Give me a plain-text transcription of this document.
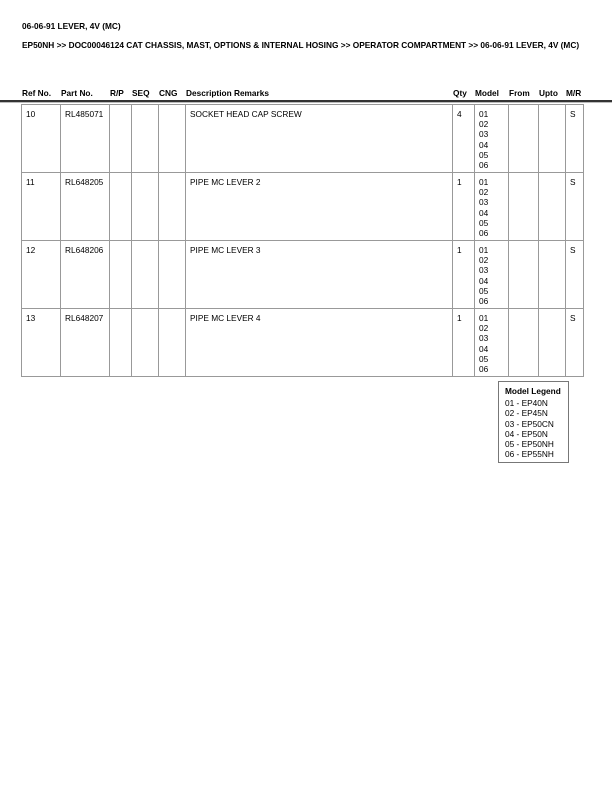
06-06-91 LEVER, 4V (MC)
EP50NH >> DOC00046124 CAT CHASSIS, MAST, OPTIONS & INTERNAL HOSING >> OPERATOR COMPARTMENT >> 06-06-91 LEVER, 4V (MC)
Ref No. Part No. R/P SEQ CNG Description Remarks	Qty Model From Upto M/R
10	RL485071				SOCKET HEAD CAP SCREW	4	01
02
03
04
05
06
			S
11	RL648205				PIPE MC LEVER 2	1	01
02
03
04
05
06
			S
12	RL648206				PIPE MC LEVER 3	1	01
02
03
04
05
06
			S
13	RL648207				PIPE MC LEVER 4	1	01
02
03
04
05
06
			S
Model Legend
01 - EP40N
02 - EP45N
03 - EP50CN
04 - EP50N
05 - EP50NH
06 - EP55NH
